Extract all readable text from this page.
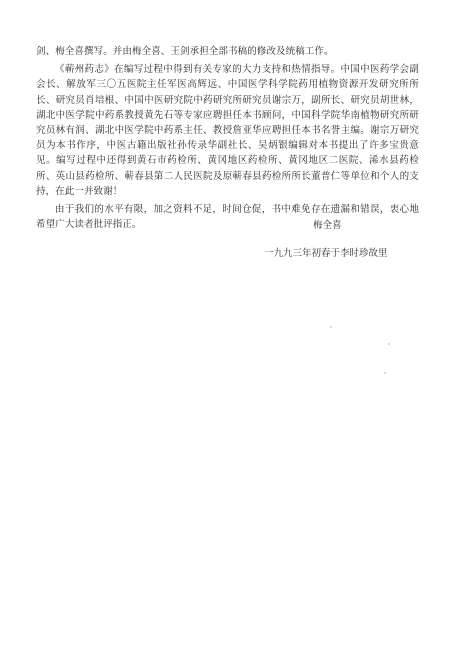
剑、梅全喜撰写。并由梅全喜、王剑承担全部书稿的修改及统稿工作。

《蕲州药志》在编写过程中得到有关专家的大力支持和热情指导。中国中医药学会副会长、解放军三〇五医院主任军医高辉远、中国医学科学院药用植物资源开发研究所所长、研究员肖培根、中国中医研究院中药研究所研究员谢宗万，副所长、研究员胡世林，湖北中医学院中药系教授黄先石等专家应聘担任本书顾问，中国科学院华南植物研究所研究员林有润、湖北中医学院中药系主任、教授詹亚华应聘担任本书名誉主编。谢宗万研究员为本书作序，中医古籍出版社孙传录华副社长、吴炳银编辑对本书提出了许多宝贵意见。编写过程中还得到黄石市药检所、黄冈地区药检所、黄冈地区二医院、浠水县药检所、英山县药检所、蕲春县第二人民医院及原蕲春县药检所所长董普仁等单位和个人的支持，在此一并致谢！

由于我们的水平有限，加之资料不足，时间仓促，书中难免存在遗漏和错误，衷心地希望广大读者批评指正。	梅全喜
一九九三年初春于李时珍故里
